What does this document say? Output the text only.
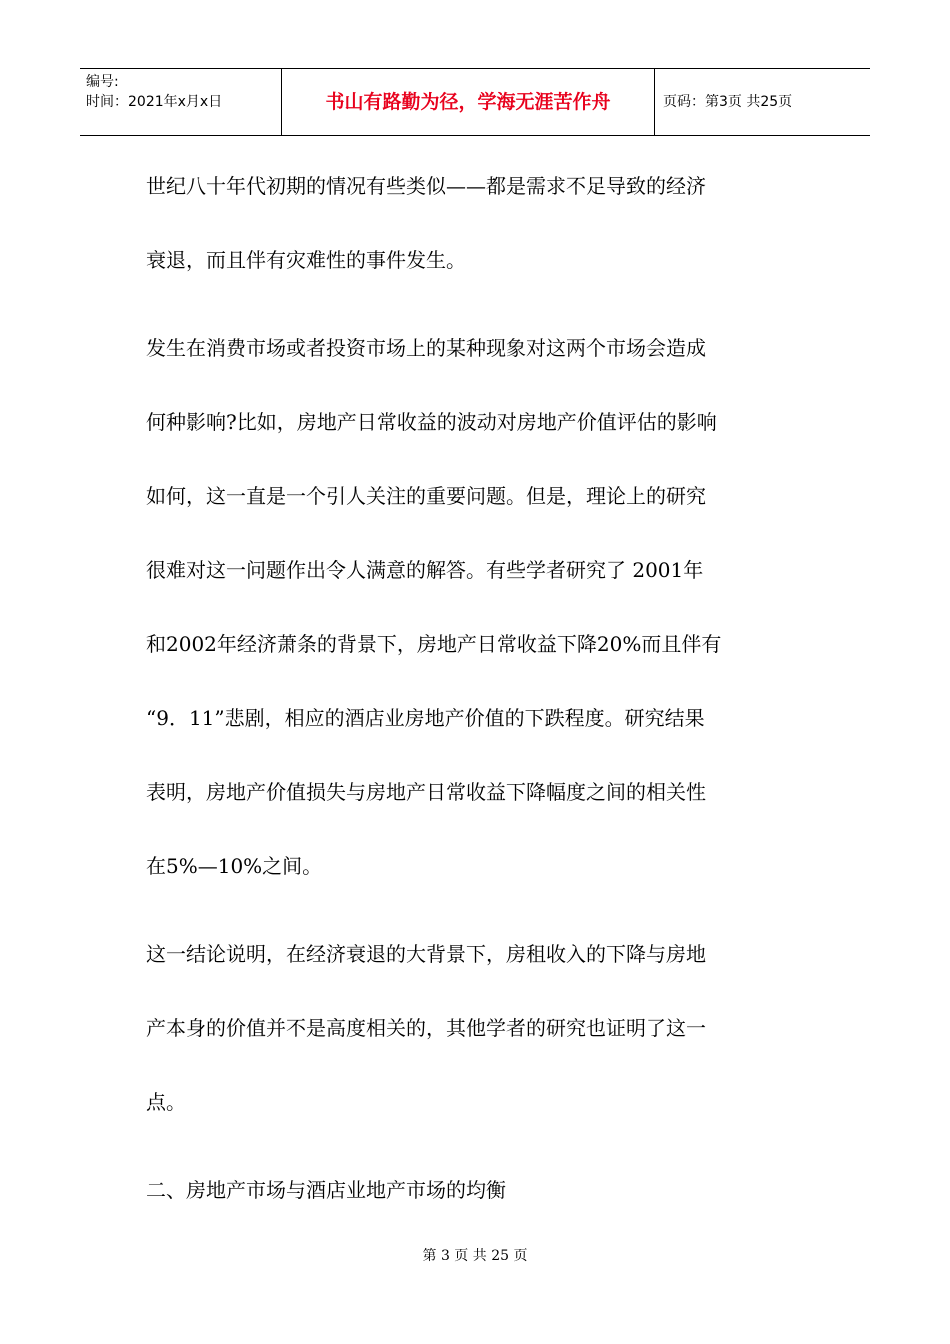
编号:
时间：2021年x月x日	书山有路勤为径，学海无涯苦作舟	页码：第3页 共25页
世纪八十年代初期的情况有些类似——都是需求不足导致的经济
衰退，而且伴有灾难性的事件发生。
发生在消费市场或者投资市场上的某种现象对这两个市场会造成
何种影响?比如，房地产日常收益的波动对房地产价值评估的影响
如何，这一直是一个引人关注的重要问题。但是，理论上的研究
很难对这一问题作出令人满意的解答。有些学者研究了 2001年
和2002年经济萧条的背景下，房地产日常收益下降20%而且伴有
“9．11”悲剧，相应的酒店业房地产价值的下跌程度。研究结果
表明，房地产价值损失与房地产日常收益下降幅度之间的相关性
在5%—10%之间。
这一结论说明，在经济衰退的大背景下，房租收入的下降与房地
产本身的价值并不是高度相关的，其他学者的研究也证明了这一
点。
二、房地产市场与酒店业地产市场的均衡
第 3 页 共 25 页
